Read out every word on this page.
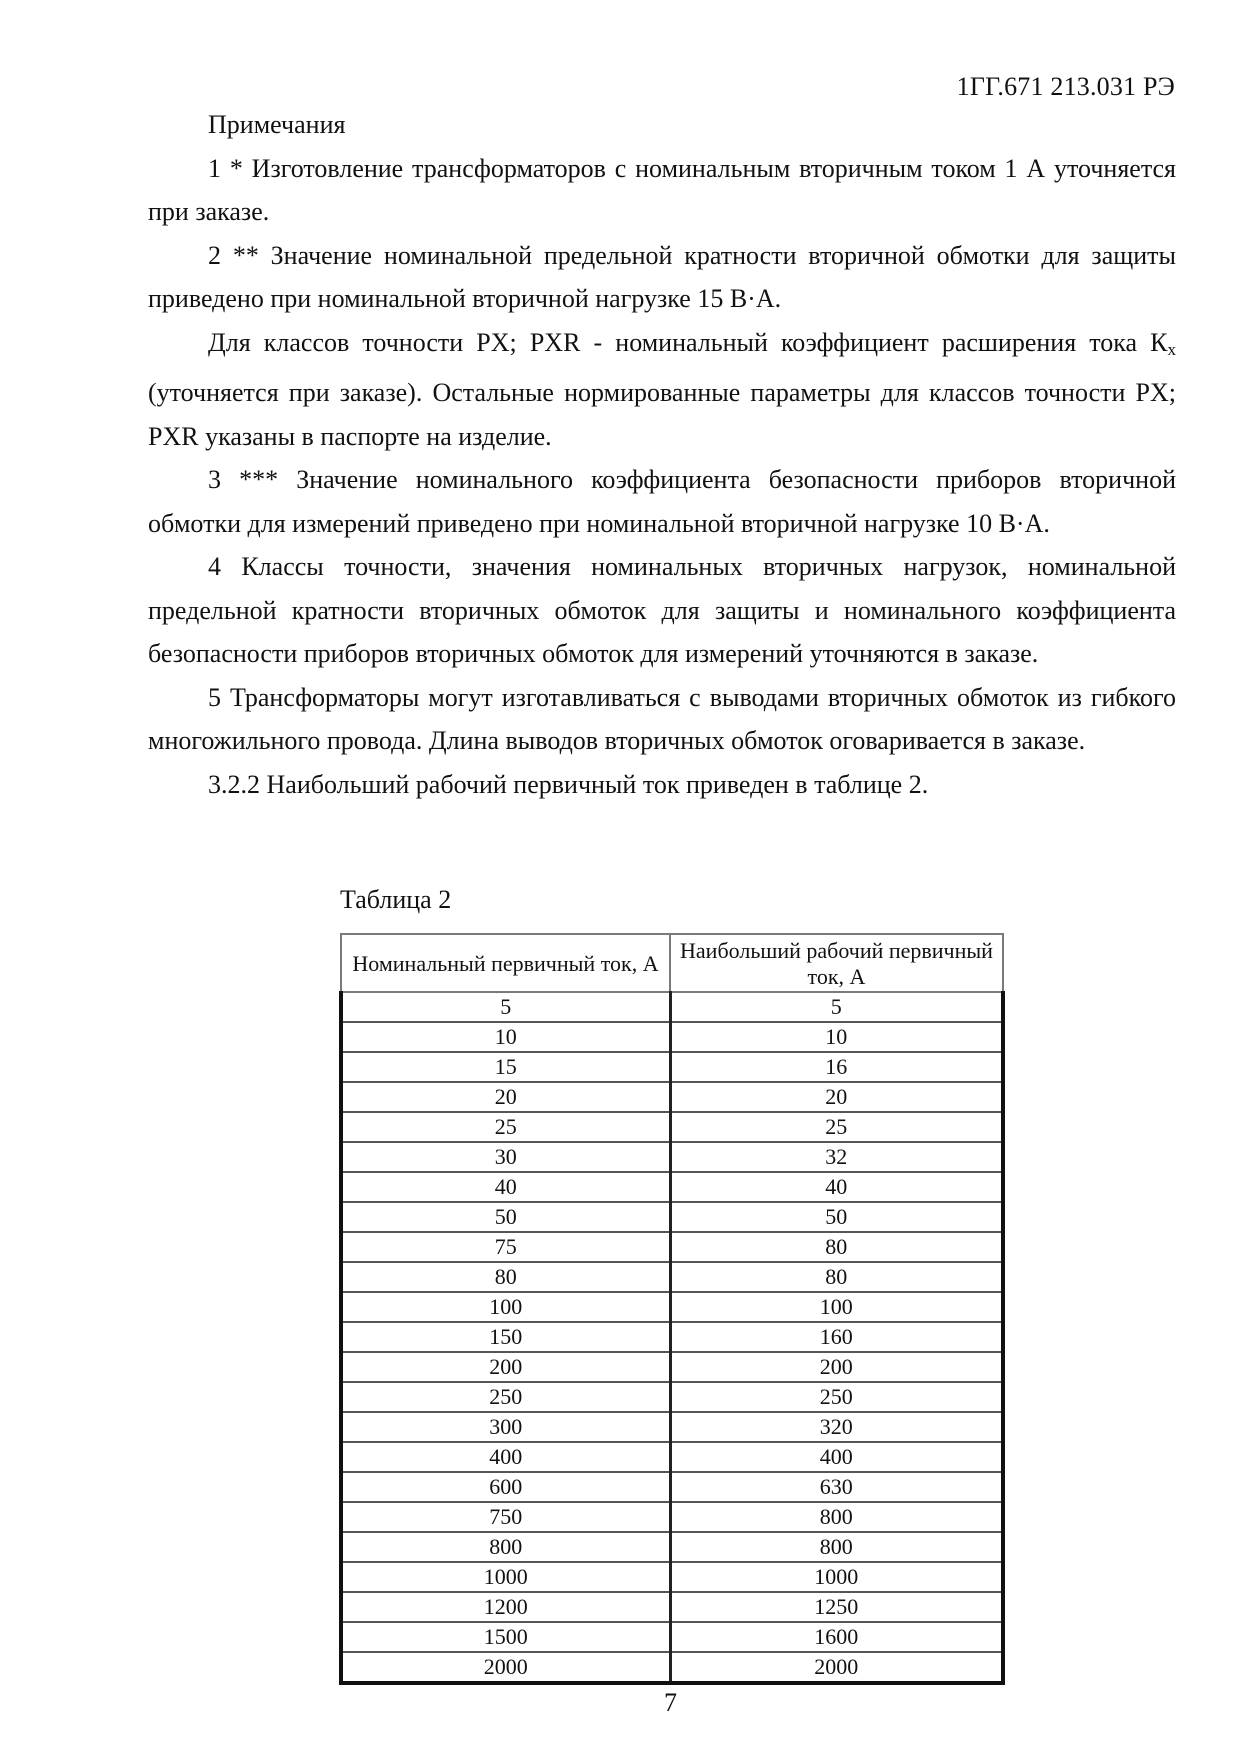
1ГГ.671 213.031 РЭ

Примечания

1 * Изготовление трансформаторов с номинальным вторичным током 1 А уточняется при заказе.

2 ** Значение номинальной предельной кратности вторичной обмотки для защиты приведено при номинальной вторичной нагрузке 15 В·А.

Для классов точности PX; PXR - номинальный коэффициент расширения тока $К_х$ (уточняется при заказе). Остальные нормированные параметры для классов точности PX; PXR указаны в паспорте на изделие.

3 *** Значение номинального коэффициента безопасности приборов вторичной обмотки для измерений приведено при номинальной вторичной нагрузке 10 В·А.

4 Классы точности, значения номинальных вторичных нагрузок, номинальной предельной кратности вторичных обмоток для защиты и номинального коэффициента безопасности приборов вторичных обмоток для измерений уточняются в заказе.

5 Трансформаторы могут изготавливаться с выводами вторичных обмоток из гибкого многожильного провода. Длина выводов вторичных обмоток оговаривается в заказе.

3.2.2 Наибольший рабочий первичный ток приведен в таблице 2.

Таблица 2
Номинальный первичный ток, А	Наибольший рабочий первичный ток, А
5	5
10	10
15	16
20	20
25	25
30	32
40	40
50	50
75	80
80	80
100	100
150	160
200	200
250	250
300	320
400	400
600	630
750	800
800	800
1000	1000
1200	1250
1500	1600
2000	2000
7
